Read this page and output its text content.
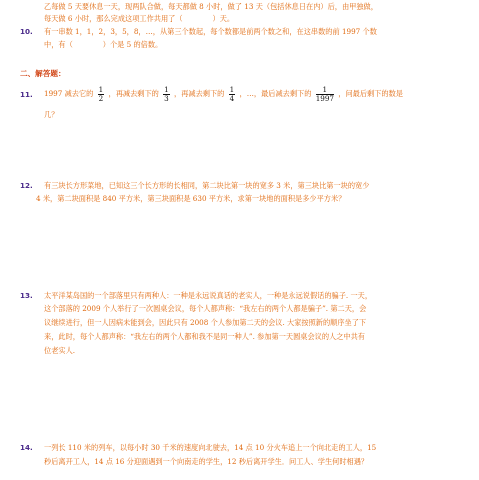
乙每做 5 天要休息一天，现两队合做，每天都做 8 小时，做了 13 天（包括休息日在内）后，由甲独做，
每天做 6 小时，那么完成这项工作共用了（	）天。
10. 有一串数 1，1，2，3，5，8，…，从第三个数起，每个数都是前两个数之和，在这串数的前 1997 个数
中，有（	）个是 5 的倍数。
二、解答题：
11. 1997 减去它的 $\frac{1}{2}$ ，再减去剩下的 $\frac{1}{3}$ ，再减去剩下的 $\frac{1}{4}$ ，…，最后减去剩下的 $\frac{1}{1997}$ ，问最后剩下的数是
几？
12. 有三块长方形菜地，已知这三个长方形的长相同，第二块比第一块的宽多 3 米，第三块比第一块的宽少
4 米，第二块面积是 840 平方米，第三块面积是 630 平方米，求第一块地的面积是多少平方米？
13. 太平洋某岛国的一个部落里只有两种人：一种是永远说真话的老实人，一种是永远说假话的骗子. 一天，
这个部落的 2009 个人举行了一次圆桌会议，每个人都声称：“我左右的两个人都是骗子”. 第二天，会
议继续进行，但一人因病未能到会，因此只有 2008 个人参加第二天的会议. 大家按照新的顺序坐了下
来，此时，每个人都声称：“我左右的两个人都和我不是同一种人”. 参加第一天圆桌会议的人之中共有
位老实人.
14. 一列长 110 米的列车，以每小时 30 千米的速度向北驶去，14 点 10 分火车追上一个向北走的工人，15
秒后离开工人，14 点 16 分迎面遇到一个向南走的学生，12 秒后离开学生．问工人、学生何时相遇？
